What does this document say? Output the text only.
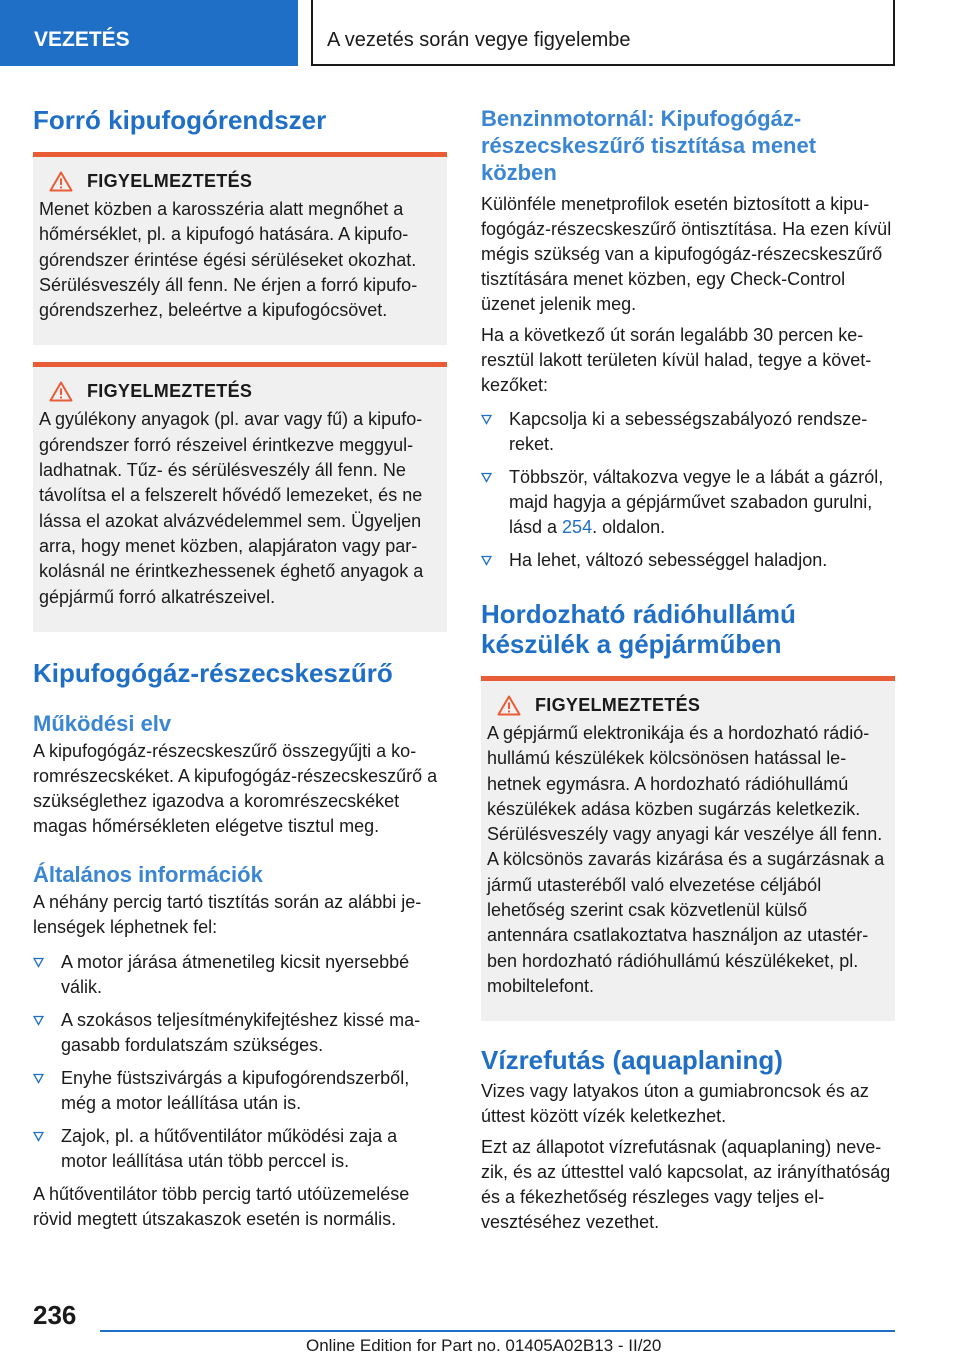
VEZETÉS	A vezetés során vegye figyelembe
Forró kipufogórendszer
FIGYELMEZTETÉS

Menet közben a karosszéria alatt megnőhet a hőmérséklet, pl. a kipufogó hatására. A kipufogórendszer érintése égési sérüléseket okozhat. Sérülésveszély áll fenn. Ne érjen a forró kipufogórendszerhez, beleértve a kipufogócsövet.

FIGYELMEZTETÉS

A gyúlékony anyagok (pl. avar vagy fű) a kipufogórendszer forró részeivel érintkezve meggyulladhatnak. Tűz- és sérülésveszély áll fenn. Ne távolítsa el a felszerelt hővédő lemezeket, és ne lássa el azokat alvázvédelemmel sem. Ügyeljen arra, hogy menet közben, alapjáraton vagy parkolásnál ne érintkezhessenek éghető anyagok a gépjármű forró alkatrészeivel.

Kipufogógáz-részecskeszűrő
Működési elv

A kipufogógáz-részecskeszűrő összegyűjti a koromrészecskéket. A kipufogógáz-részecskeszűrő a szükséglethez igazodva a koromrészecskéket magas hőmérsékleten elégetve tisztul meg.

Általános információk

A néhány percig tartó tisztítás során az alábbi jelenségek léphetnek fel:

A motor járása átmenetileg kicsit nyersebbé válik.
A szokásos teljesítménykifejtéshez kissé magasabb fordulatszám szükséges.
Enyhe füstszivárgás a kipufogórendszerből, még a motor leállítása után is.
Zajok, pl. a hűtőventilátor működési zaja a motor leállítása után több perccel is.

A hűtőventilátor több percig tartó utóüzemelése rövid megtett útszakaszok esetén is normális.

Benzinmotornál: Kipufogógáz-részecskeszűrő tisztítása menet közben

Különféle menetprofilok esetén biztosított a kipufogógáz-részecskeszűrő öntisztítása. Ha ezen kívül mégis szükség van a kipufogógáz-részecskeszűrő tisztítására menet közben, egy Check-Control üzenet jelenik meg.

Ha a következő út során legalább 30 percen keresztül lakott területen kívül halad, tegye a következőket:

Kapcsolja ki a sebességszabályozó rendszereket.
Többször, váltakozva vegye le a lábát a gázról, majd hagyja a gépjárművet szabadon gurulni, lásd a 254. oldalon.
Ha lehet, változó sebességgel haladjon.
Hordozható rádióhullámú készülék a gépjárműben
FIGYELMEZTETÉS

A gépjármű elektronikája és a hordozható rádióhullámú készülékek kölcsönösen hatással lehetnek egymásra. A hordozható rádióhullámú készülékek adása közben sugárzás keletkezik. Sérülésveszély vagy anyagi kár veszélye áll fenn. A kölcsönös zavarás kizárása és a sugárzásnak a jármű utasteréből való elvezetése céljából lehetőség szerint csak közvetlenül külső antennára csatlakoztatva használjon az utastérben hordozható rádióhullámú készülékeket, pl. mobiltelefont.

Vízrefutás (aquaplaning)

Vizes vagy latyakos úton a gumiabroncsok és az úttest között vízék keletkezhet.

Ezt az állapotot vízrefutásnak (aquaplaning) nevezik, és az úttesttel való kapcsolat, az irányíthatóság és a fékezhetőség részleges vagy teljes elvesztéséhez vezethet.

236
Online Edition for Part no. 01405A02B13 - II/20
